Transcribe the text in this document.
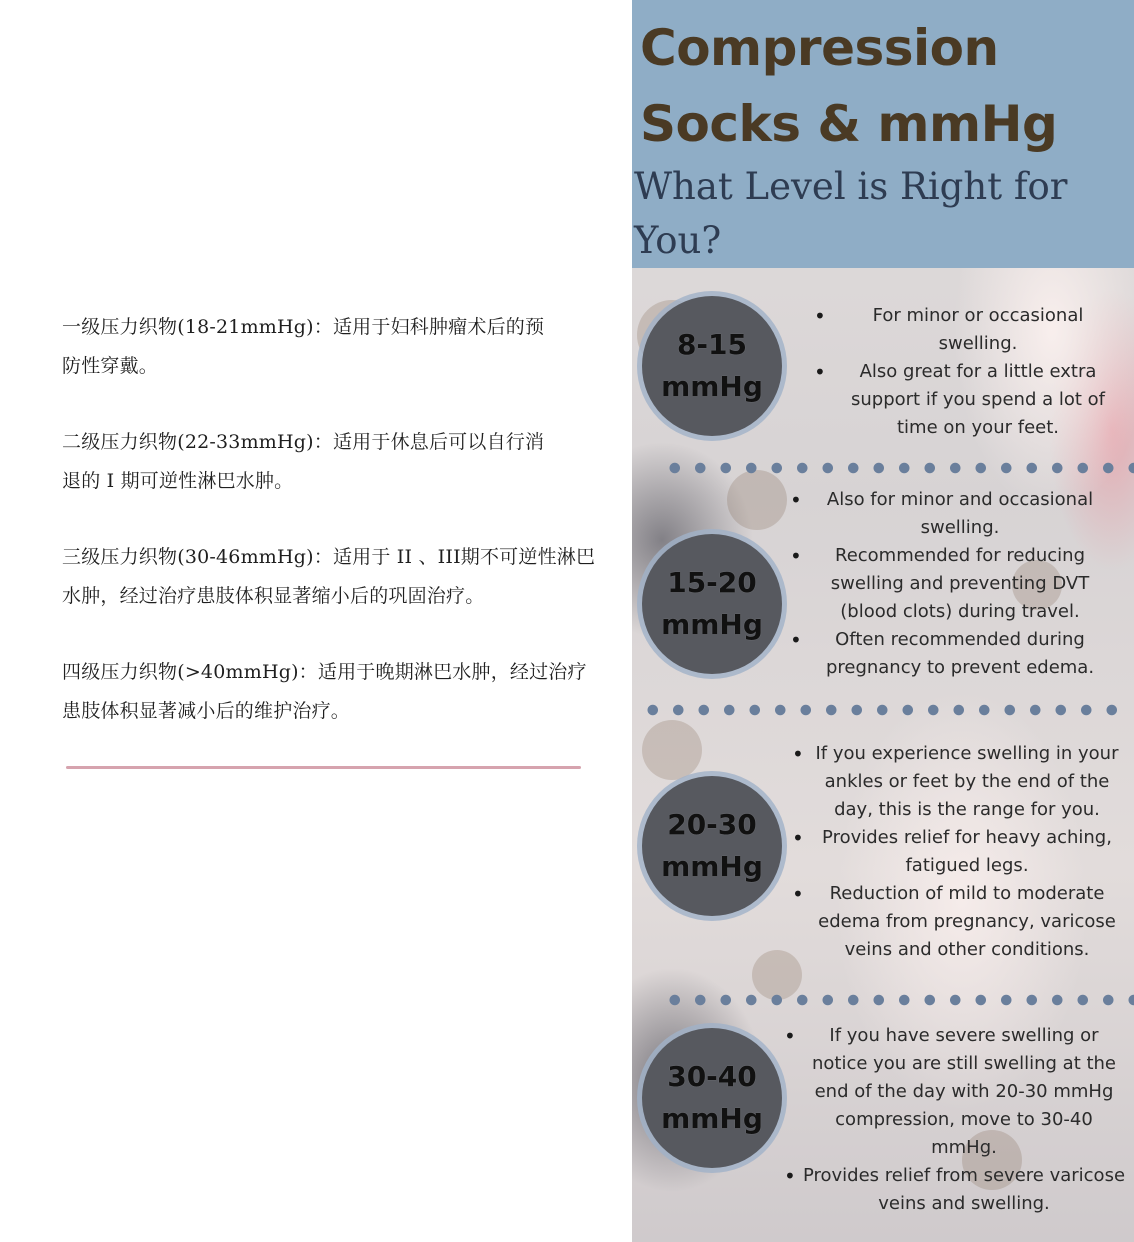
一级压力织物(18-21mmHg)：适用于妇科肿瘤术后的预防性穿戴。

二级压力织物(22-33mmHg)：适用于休息后可以自行消退的 I 期可逆性淋巴水肿。

三级压力织物(30-46mmHg)：适用于 II 、III期不可逆性淋巴水肿，经过治疗患肢体积显著缩小后的巩固治疗。

四级压力织物(>40mmHg)：适用于晚期淋巴水肿，经过治疗患肢体积显著减小后的维护治疗。

Compression
Socks & mmHg
What Level is Right for You?
8-15
mmHg
• For minor or occasional swelling.
• Also great for a little extra support if you spend a lot of time on your feet.
15-20
mmHg
• Also for minor and occasional swelling.
• Recommended for reducing swelling and preventing DVT (blood clots) during travel.
• Often recommended during pregnancy to prevent edema.
20-30
mmHg
• If you experience swelling in your ankles or feet by the end of the day, this is the range for you.
• Provides relief for heavy aching, fatigued legs.
• Reduction of mild to moderate edema from pregnancy, varicose veins and other conditions.
30-40
mmHg
• If you have severe swelling or notice you are still swelling at the end of the day with 20-30 mmHg compression, move to 30-40 mmHg.
• Provides relief from severe varicose veins and swelling.
